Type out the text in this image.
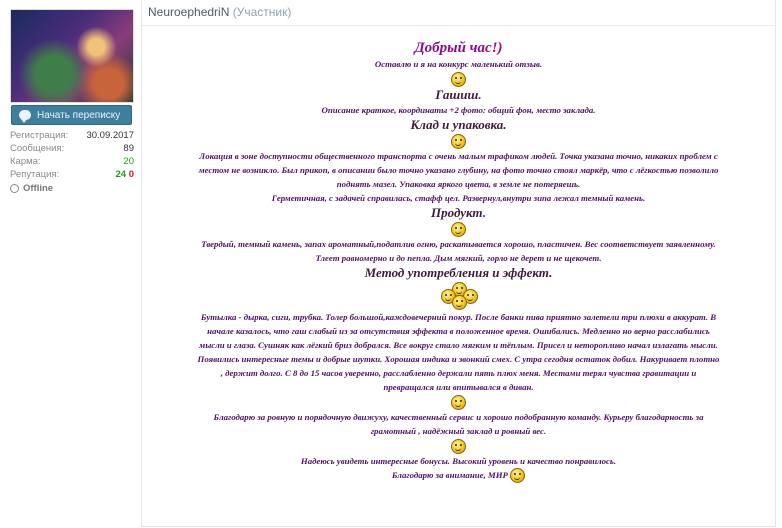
Начать переписку
Регистрация: 30.09.2017
Сообщения:	89
Карма:	20
Репутация:	24 0
Offline
NeuroephedriN (Участник)
Добрый час!)
Оставлю и я на конкурс маленький отзыв.
Гашиш.
Описание краткое, координаты +2 фото: общий фон, место заклада.
Клад и упаковка.
Локация в зоне доступности общественного транспорта с очень малым трафиком людей. Точка указана точно, никаких проблем с
местом не возникло. Был прикоп, в описании было точно указано глубину, на фото точно стоял маркёр, что с лёгкостью позволило
поднять мазел. Упаковка яркого цвета, в земле не потеряешь.
Герметичная, с задачей справилась, стафф цел. Развернул,внутри зипа лежал темный камень.
Продукт.
Твердый, темный камень, запах ароматный,податлив огню, раскатывается хорошо, пластичен. Вес соответствует заявленному.
Тлеет равномерно и до пепла. Дым мягкий, горло не дерет и не щекочет.
Метод употребления и эффект.
Бутылка - дырка, сиги, трубка. Толер большой,каждовечерний покур. После банки пива приятно залетели три плюхи в аккурат. В
начале казалось, что гаш слабый из за отсутствия эффекта в положенное время. Ошибались. Медленно но верно расслабились
мысли и глаза. Сушняк как лёгкий бриз добрался. Все вокруг стало мягким и тёплым. Присел и неторопливо начал излагать мысли.
Появились интересные темы и добрые шутки. Хорошая индика и звонкий смех. С утра сегодня остаток добил. Накуривает плотно
, держит долго. С 8 до 15 часов уверенно, расслабленно держали пять плюх меня. Местами терял чувства гравитации и
превращался или впитывался в диван.
Благодарю за ровную и порядочную движуху, качественный сервис и хорошо подобранную команду. Курьеру благодарность за
грамотный , надёжный заклад и ровный вес.
Надеюсь увидеть интересные бонусы. Высокий уровень и качество понравилось.
Благодарю за внимание, МИР
